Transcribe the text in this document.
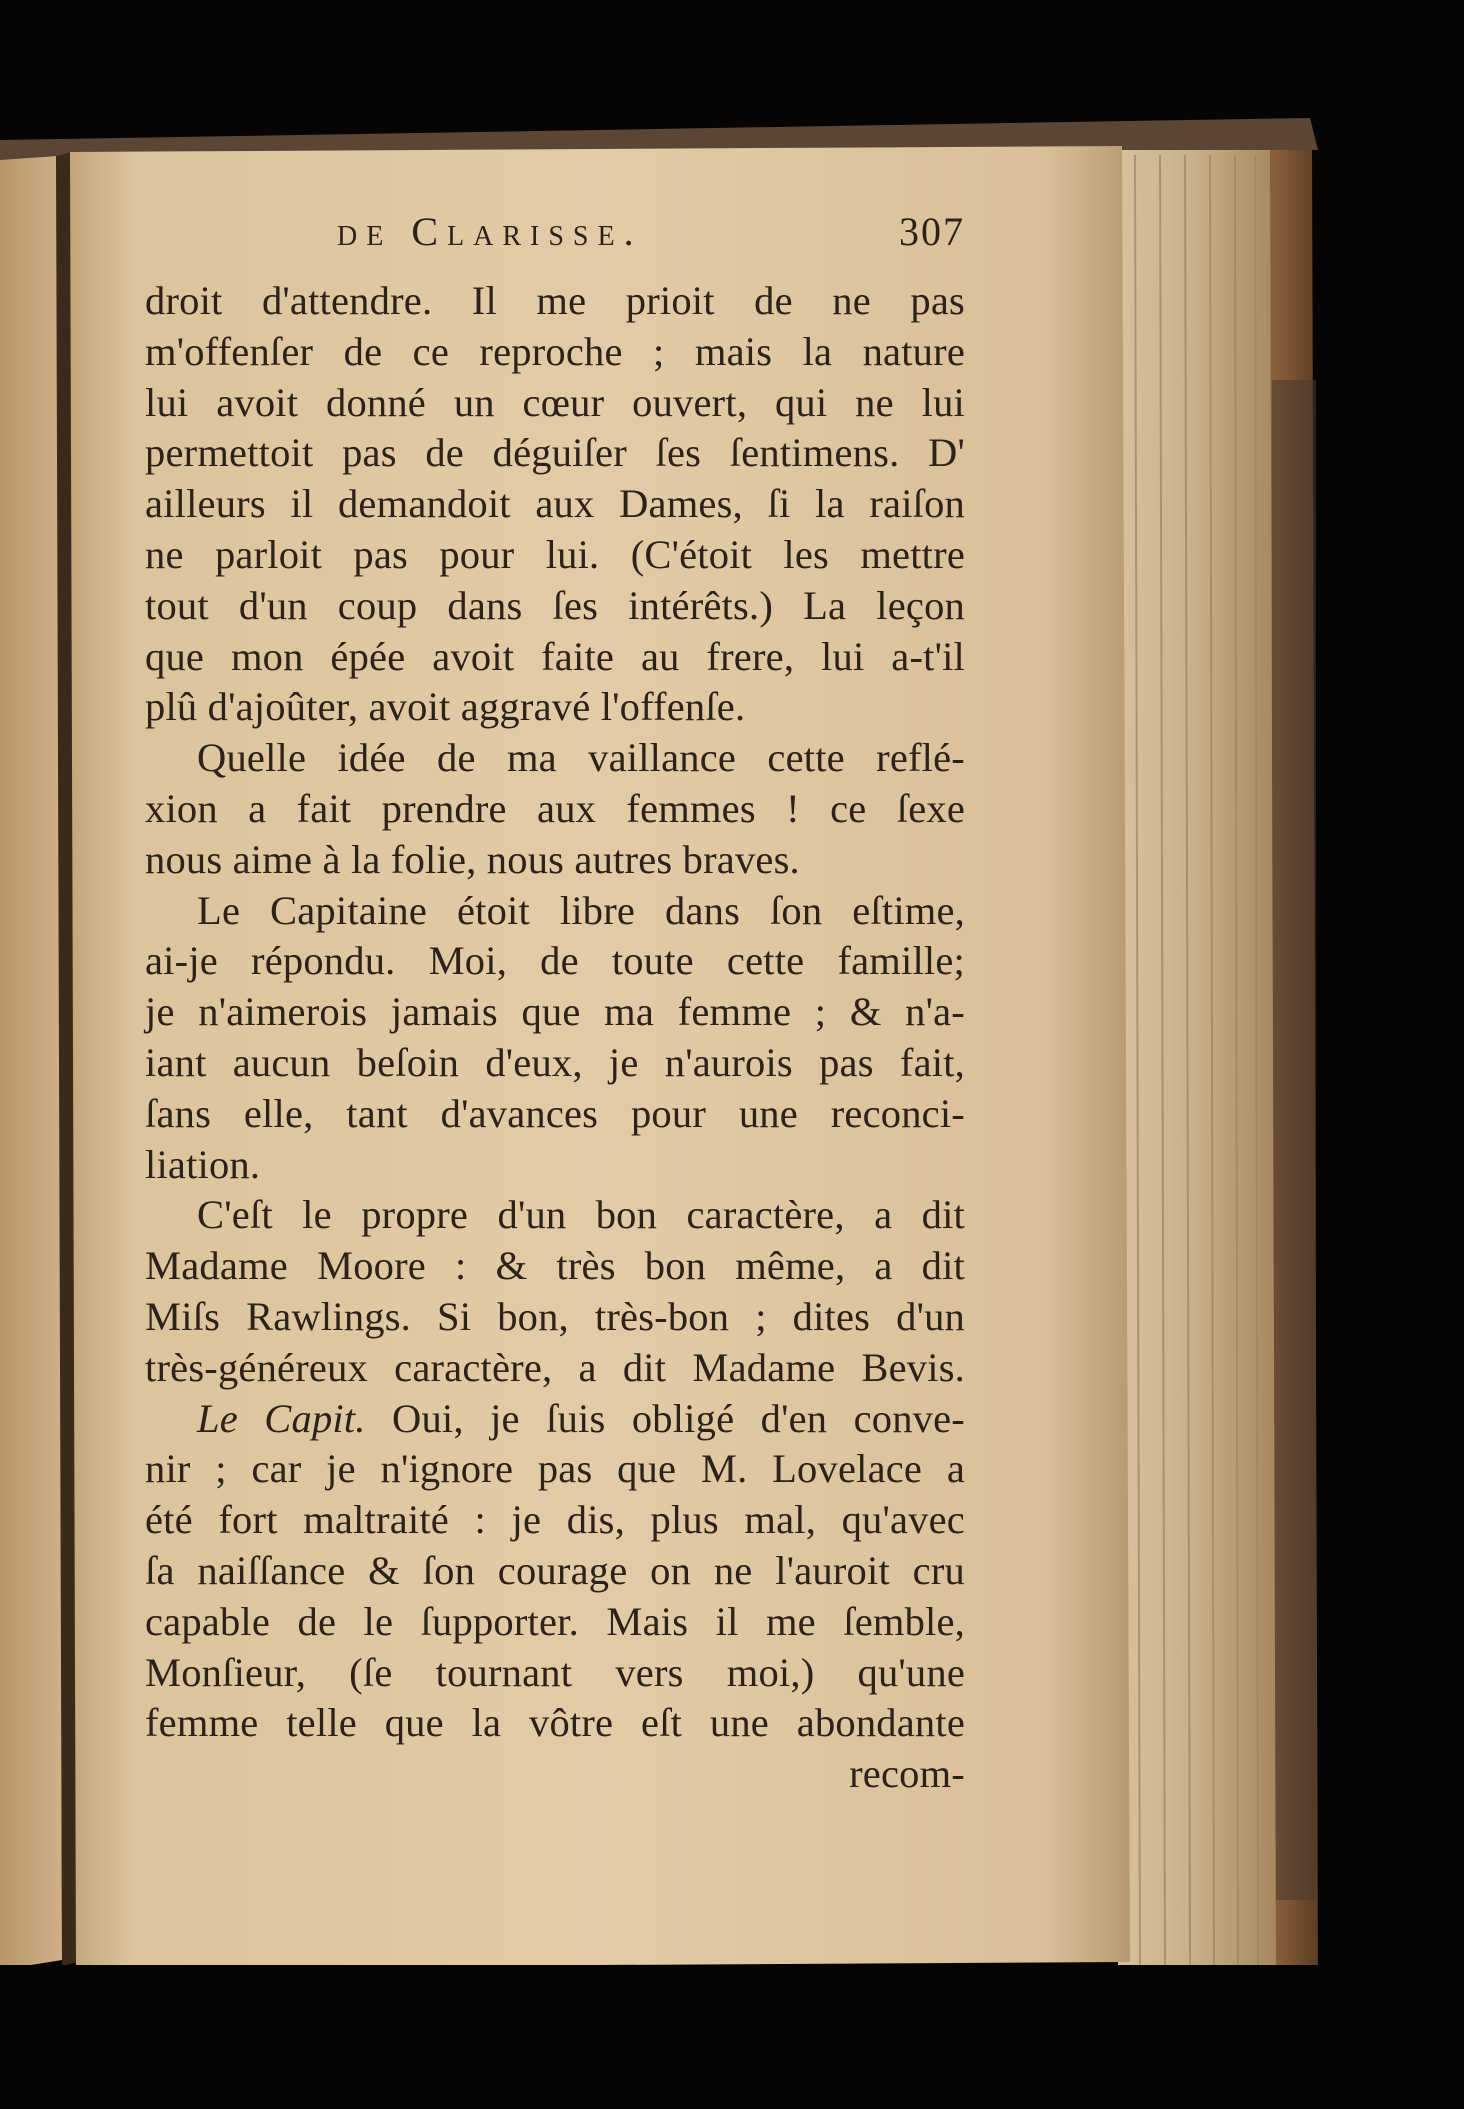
de Clarisse.	307
droit d'attendre. Il me prioit de ne pas
m'offenſer de ce reproche ; mais la nature
lui avoit donné un cœur ouvert, qui ne lui
permettoit pas de déguiſer ſes ſentimens. D'
ailleurs il demandoit aux Dames, ſi la raiſon
ne parloit pas pour lui. (C'étoit les mettre
tout d'un coup dans ſes intérêts.) La leçon
que mon épée avoit faite au frere, lui a-t'il
plû d'ajoûter, avoit aggravé l'offenſe.
Quelle idée de ma vaillance cette reflé-
xion a fait prendre aux femmes ! ce ſexe
nous aime à la folie, nous autres braves.
Le Capitaine étoit libre dans ſon eſtime,
ai-je répondu. Moi, de toute cette famille;
je n'aimerois jamais que ma femme ; & n'a-
iant aucun beſoin d'eux, je n'aurois pas fait,
ſans elle, tant d'avances pour une reconci-
liation.
C'eſt le propre d'un bon caractère, a dit
Madame Moore : & très bon même, a dit
Miſs Rawlings. Si bon, très-bon ; dites d'un
très-généreux caractère, a dit Madame Bevis.
Le Capit. Oui, je ſuis obligé d'en conve-
nir ; car je n'ignore pas que M. Lovelace a
été fort maltraité : je dis, plus mal, qu'avec
ſa naiſſance & ſon courage on ne l'auroit cru
capable de le ſupporter. Mais il me ſemble,
Monſieur, (ſe tournant vers moi,) qu'une
femme telle que la vôtre eſt une abondante
recom-
